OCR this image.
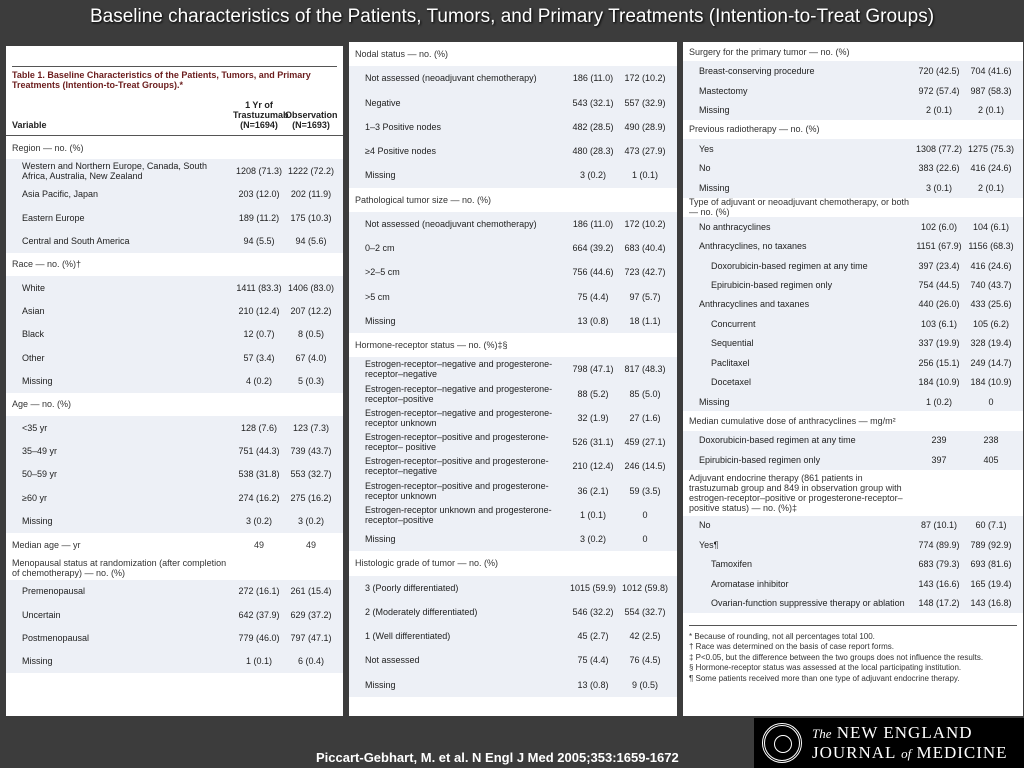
Baseline characteristics of the Patients, Tumors, and Primary Treatments (Intention-to-Treat Groups)
Table 1. Baseline Characteristics of the Patients, Tumors, and Primary Treatments (Intention-to-Treat Groups).*
Variable
1 Yr of Trastuzumab (N=1694)
Observation (N=1693)
Region — no. (%)
Western and Northern Europe, Canada, South Africa, Australia, New Zealand	1208 (71.3) 1222 (72.2)
Asia Pacific, Japan	203 (12.0)	202 (11.9)
Eastern Europe	189 (11.2)	175 (10.3)
Central and South America	94 (5.5)	94 (5.6)
Race — no. (%)†
White	1411 (83.3) 1406 (83.0)
Asian	210 (12.4)	207 (12.2)
Black	12 (0.7)	8 (0.5)
Other	57 (3.4)	67 (4.0)
Missing	4 (0.2)	5 (0.3)
Age — no. (%)
<35 yr	128 (7.6)	123 (7.3)
35–49 yr	751 (44.3)	739 (43.7)
50–59 yr	538 (31.8)	553 (32.7)
≥60 yr	274 (16.2)	275 (16.2)
Missing	3 (0.2)	3 (0.2)
Median age — yr	49	49
Menopausal status at randomization (after completion of chemotherapy) — no. (%)
Premenopausal	272 (16.1)	261 (15.4)
Uncertain	642 (37.9)	629 (37.2)
Postmenopausal	779 (46.0)	797 (47.1)
Missing	1 (0.1)	6 (0.4)
Nodal status — no. (%)
Not assessed (neoadjuvant chemotherapy)	186 (11.0)	172 (10.2)
Negative	543 (32.1)	557 (32.9)
1–3 Positive nodes	482 (28.5)	490 (28.9)
≥4 Positive nodes	480 (28.3)	473 (27.9)
Missing	3 (0.2)	1 (0.1)
Pathological tumor size — no. (%)
Not assessed (neoadjuvant chemotherapy)	186 (11.0)	172 (10.2)
0–2 cm	664 (39.2)	683 (40.4)
>2–5 cm	756 (44.6)	723 (42.7)
>5 cm	75 (4.4)	97 (5.7)
Missing	13 (0.8)	18 (1.1)
Hormone-receptor status — no. (%)‡§
Estrogen-receptor–negative and progesterone-receptor–negative	798 (47.1)	817 (48.3)
Estrogen-receptor–negative and progesterone-receptor–positive	88 (5.2)	85 (5.0)
Estrogen-receptor–negative and progesterone-receptor unknown	32 (1.9)	27 (1.6)
Estrogen-receptor–positive and progesterone-receptor– positive	526 (31.1)	459 (27.1)
Estrogen-receptor–positive and progesterone-receptor–negative	210 (12.4)	246 (14.5)
Estrogen-receptor–positive and progesterone-receptor unknown	36 (2.1)	59 (3.5)
Estrogen-receptor unknown and progesterone-receptor–positive	1 (0.1)	0
Missing	3 (0.2)	0
Histologic grade of tumor — no. (%)
3 (Poorly differentiated)	1015 (59.9) 1012 (59.8)
2 (Moderately differentiated)	546 (32.2)	554 (32.7)
1 (Well differentiated)	45 (2.7)	42 (2.5)
Not assessed	75 (4.4)	76 (4.5)
Missing	13 (0.8)	9 (0.5)
Surgery for the primary tumor — no. (%)
Breast-conserving procedure	720 (42.5)	704 (41.6)
Mastectomy	972 (57.4)	987 (58.3)
Missing	2 (0.1)	2 (0.1)
Previous radiotherapy — no. (%)
Yes	1308 (77.2) 1275 (75.3)
No	383 (22.6)	416 (24.6)
Missing	3 (0.1)	2 (0.1)
Type of adjuvant or neoadjuvant chemotherapy, or both — no. (%)
No anthracyclines	102 (6.0)	104 (6.1)
Anthracyclines, no taxanes	1151 (67.9) 1156 (68.3)
Doxorubicin-based regimen at any time	397 (23.4)	416 (24.6)
Epirubicin-based regimen only	754 (44.5)	740 (43.7)
Anthracyclines and taxanes	440 (26.0)	433 (25.6)
Concurrent	103 (6.1)	105 (6.2)
Sequential	337 (19.9)	328 (19.4)
Paclitaxel	256 (15.1)	249 (14.7)
Docetaxel	184 (10.9)	184 (10.9)
Missing	1 (0.2)	0
Median cumulative dose of anthracyclines — mg/m²
Doxorubicin-based regimen at any time	239	238
Epirubicin-based regimen only	397	405
Adjuvant endocrine therapy (861 patients in trastuzumab group and 849 in observation group with estrogen-receptor–positive or progesterone-receptor–positive status) — no. (%)‡
No	87 (10.1)	60 (7.1)
Yes¶	774 (89.9)	789 (92.9)
Tamoxifen	683 (79.3)	693 (81.6)
Aromatase inhibitor	143 (16.6)	165 (19.4)
Ovarian-function suppressive therapy or ablation	148 (17.2)	143 (16.8)
* Because of rounding, not all percentages total 100.
† Race was determined on the basis of case report forms.
‡ P<0.05, but the difference between the two groups does not influence the results.
§ Hormone-receptor status was assessed at the local participating institution.
¶ Some patients received more than one type of adjuvant endocrine therapy.
Piccart-Gebhart, M. et al. N Engl J Med 2005;353:1659-1672
The NEW ENGLAND
JOURNAL of MEDICINE
